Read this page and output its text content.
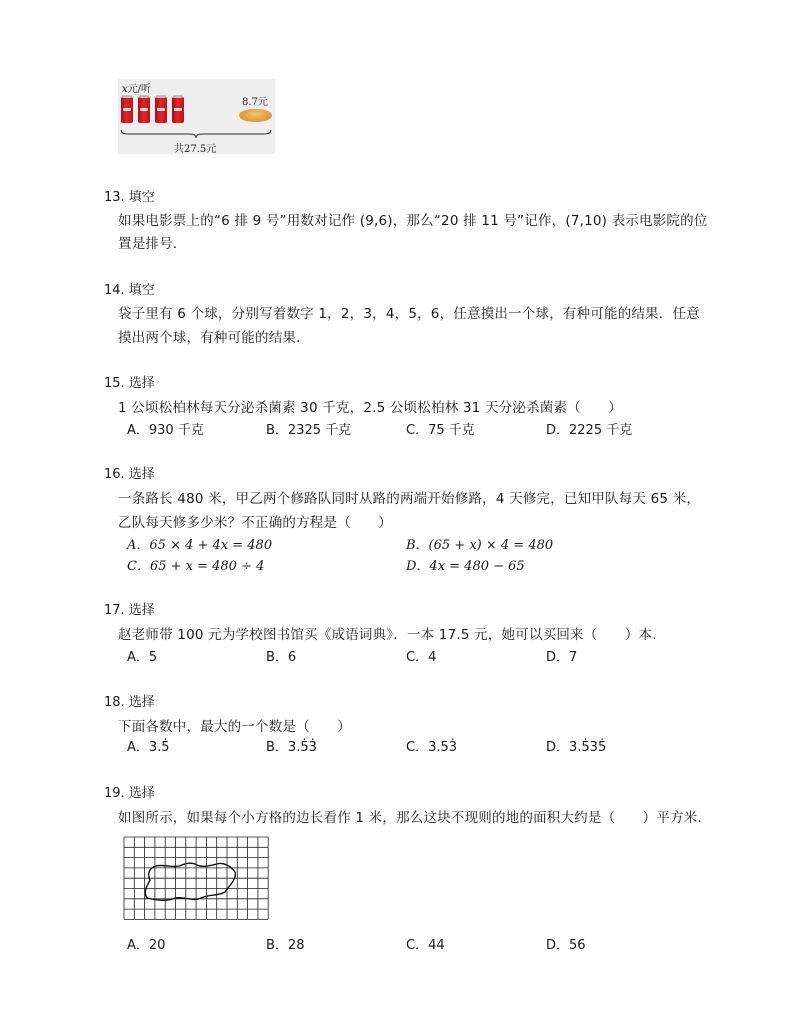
x元/听
8.7元
共27.5元
13. 填空
如果电影票上的“6 排 9 号”用数对记作 (9,6)，那么“20 排 11 号”记作，(7,10) 表示电影院的位
置是排号．
14. 填空
袋子里有 6 个球，分别写着数字 1，2，3，4，5，6，任意摸出一个球，有种可能的结果．任意
摸出两个球，有种可能的结果．
15. 选择
1 公顷松柏林每天分泌杀菌素 30 千克，2.5 公顷松柏林 31 天分泌杀菌素（　　）
A．930 千克	B．2325 千克	C．75 千克	D．2225 千克
16. 选择
一条路长 480 米，甲乙两个修路队同时从路的两端开始修路，4 天修完，已知甲队每天 65 米，
乙队每天修多少米？不正确的方程是（　　）
A．65 × 4 + 4x = 480	B．(65 + x) × 4 = 480
C．65 + x = 480 ÷ 4	D．4x = 480 − 65
17. 选择
赵老师带 100 元为学校图书馆买《成语词典》．一本 17.5 元，她可以买回来（　　）本．
A．5	B．6	C．4	D．7
18. 选择
下面各数中，最大的一个数是（　　）
A．3.5̇	B．3.5̇3̇	C．3.53̇	D．3.5̇35̇
19. 选择
如图所示，如果每个小方格的边长看作 1 米，那么这块不现则的地的面积大约是（　　）平方米．
A．20	B．28	C．44	D．56
